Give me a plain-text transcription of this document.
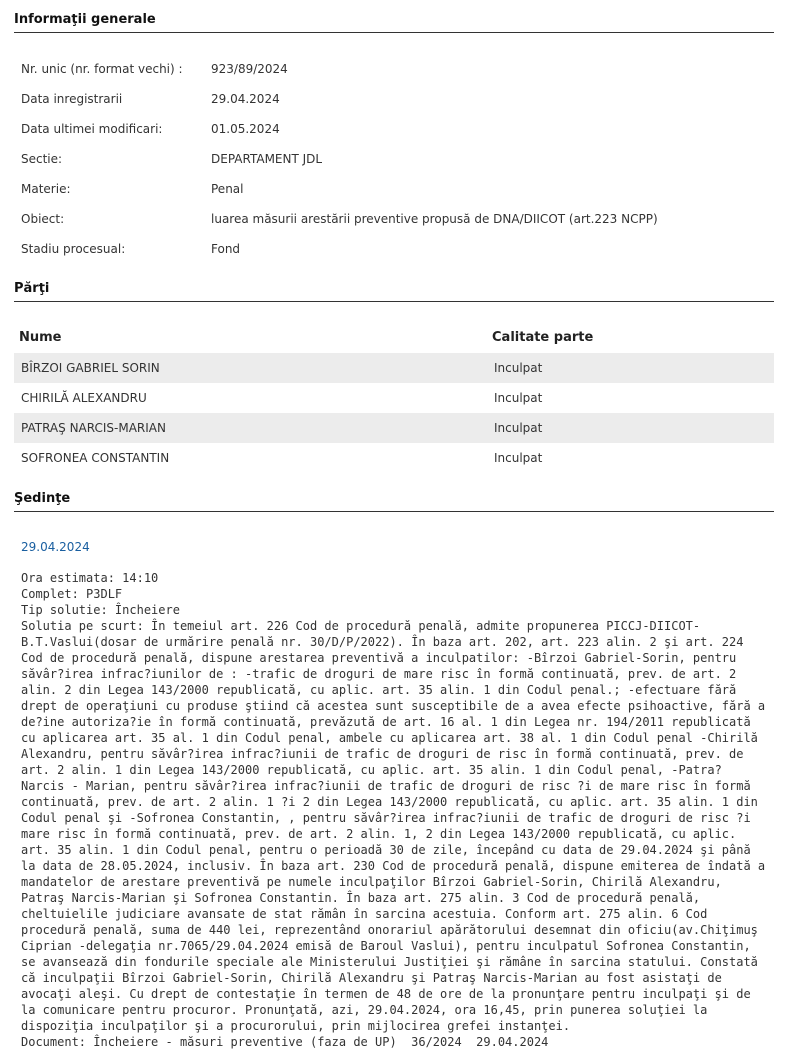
Informaţii generale
Nr. unic (nr. format vechi) : 923/89/2024
Data inregistrarii	29.04.2024
Data ultimei modificari:	01.05.2024
Sectie:	DEPARTAMENT JDL
Materie:	Penal
Obiect:	luarea măsurii arestării preventive propusă de DNA/DIICOT (art.223 NCPP)
Stadiu procesual:	Fond
Părţi
Nume	Calitate parte
BÎRZOI GABRIEL SORIN	Inculpat
CHIRILĂ ALEXANDRU	Inculpat
PATRAŞ NARCIS-MARIAN	Inculpat
SOFRONEA CONSTANTIN	Inculpat
Şedinţe
29.04.2024
Ora estimata: 14:10
Complet: P3DLF
Tip solutie: Încheiere
Solutia pe scurt: În temeiul art. 226 Cod de procedură penală, admite propunerea PICCJ-DIICOT-B.T.Vaslui(dosar de urmărire penală nr. 30/D/P/2022). În baza art. 202, art. 223 alin. 2 şi art. 224 Cod de procedură penală, dispune arestarea preventivă a inculpatilor: -Bîrzoi Gabriel-Sorin, pentru săvâr?irea infrac?iunilor de : -trafic de droguri de mare risc în formă continuată, prev. de art. 2 alin. 2 din Legea 143/2000 republicată, cu aplic. art. 35 alin. 1 din Codul penal.; -efectuare fără drept de operaţiuni cu produse ştiind că acestea sunt susceptibile de a avea efecte psihoactive, fără a de?ine autoriza?ie în formă continuată, prevăzută de art. 16 al. 1 din Legea nr. 194/2011 republicată cu aplicarea art. 35 al. 1 din Codul penal, ambele cu aplicarea art. 38 al. 1 din Codul penal -Chirilă Alexandru, pentru săvâr?irea infrac?iunii de trafic de droguri de risc în formă continuată, prev. de art. 2 alin. 1 din Legea 143/2000 republicată, cu aplic. art. 35 alin. 1 din Codul penal, -Patra? Narcis - Marian, pentru săvâr?irea infrac?iunii de trafic de droguri de risc ?i de mare risc în formă continuată, prev. de art. 2 alin. 1 ?i 2 din Legea 143/2000 republicată, cu aplic. art. 35 alin. 1 din Codul penal şi -Sofronea Constantin, , pentru săvâr?irea infrac?iunii de trafic de droguri de risc ?i mare risc în formă continuată, prev. de art. 2 alin. 1, 2 din Legea 143/2000 republicată, cu aplic. art. 35 alin. 1 din Codul penal, pentru o perioadă 30 de zile, începând cu data de 29.04.2024 şi până la data de 28.05.2024, inclusiv. În baza art. 230 Cod de procedură penală, dispune emiterea de îndată a mandatelor de arestare preventivă pe numele inculpaţilor Bîrzoi Gabriel-Sorin, Chirilă Alexandru, Patraş Narcis-Marian şi Sofronea Constantin. În baza art. 275 alin. 3 Cod de procedură penală, cheltuielile judiciare avansate de stat rămân în sarcina acestuia. Conform art. 275 alin. 6 Cod procedură penală, suma de 440 lei, reprezentând onorariul apărătorului desemnat din oficiu(av.Chiţimuş Ciprian -delegaţia nr.7065/29.04.2024 emisă de Baroul Vaslui), pentru inculpatul Sofronea Constantin, se avansează din fondurile speciale ale Ministerului Justiţiei şi rămâne în sarcina statului. Constată că inculpaţii Bîrzoi Gabriel-Sorin, Chirilă Alexandru şi Patraş Narcis-Marian au fost asistaţi de avocaţi aleşi. Cu drept de contestaţie în termen de 48 de ore de la pronunţare pentru inculpaţi şi de la comunicare pentru procuror. Pronunţată, azi, 29.04.2024, ora 16,45, prin punerea soluţiei la dispoziţia inculpaţilor şi a procurorului, prin mijlocirea grefei instanţei.
Document: Încheiere - măsuri preventive (faza de UP)  36/2024  29.04.2024
